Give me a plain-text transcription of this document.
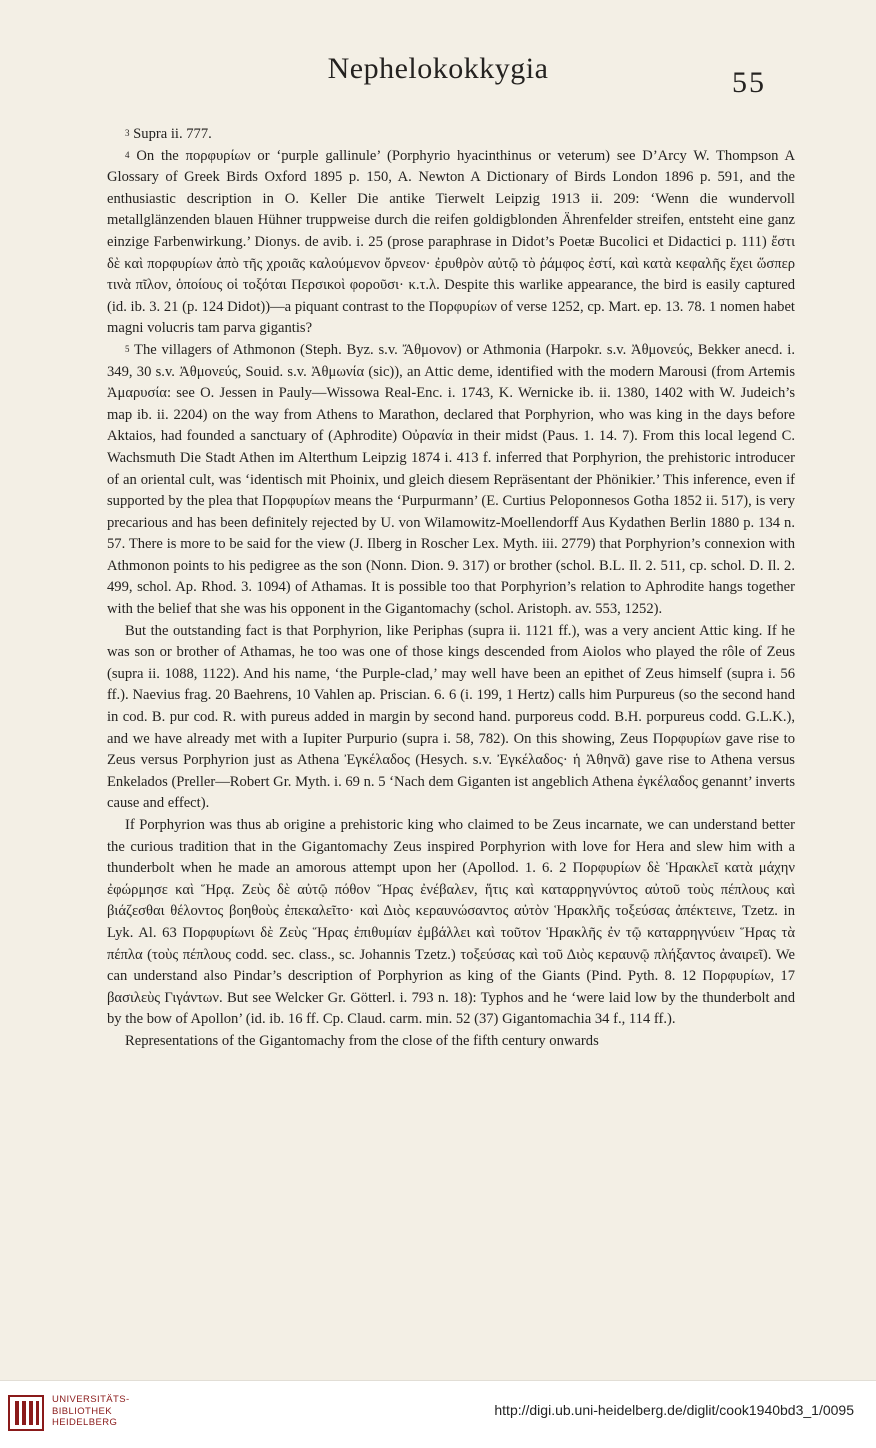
Nephelokokkygia	55

$^3$ Supra ii. 777.

$^4$ On the πορφυρίων or ‘purple gallinule’ (Porphyrio hyacinthinus or veterum) see D’Arcy W. Thompson A Glossary of Greek Birds Oxford 1895 p. 150, A. Newton A Dictionary of Birds London 1896 p. 591, and the enthusiastic description in O. Keller Die antike Tierwelt Leipzig 1913 ii. 209: ‘Wenn die wundervoll metallglänzenden blauen Hühner truppweise durch die reifen goldigblonden Ährenfelder streifen, entsteht eine ganz einzige Farbenwirkung.’ Dionys. de avib. i. 25 (prose paraphrase in Didot’s Poetæ Bucolici et Didactici p. 111) ἔστι δὲ καὶ πορφυρίων ἀπὸ τῆς χροιᾶς καλούμενον ὄρνεον· ἐρυθρὸν αὐτῷ τὸ ῥάμφος ἐστί, καὶ κατὰ κεφαλῆς ἔχει ὥσπερ τινὰ πῖλον, ὁποίους οἱ τοξόται Περσικοὶ φοροῦσι· κ.τ.λ. Despite this warlike appearance, the bird is easily captured (id. ib. 3. 21 (p. 124 Didot))—a piquant contrast to the Πορφυρίων of verse 1252, cp. Mart. ep. 13. 78. 1 nomen habet magni volucris tam parva gigantis?

$^5$ The villagers of Athmonon (Steph. Byz. s.v. Ἄθμονον) or Athmonia (Harpokr. s.v. Ἀθμονεύς, Bekker anecd. i. 349, 30 s.v. Ἀθμονεύς, Souid. s.v. Ἀθμωνία (sic)), an Attic deme, identified with the modern Marousi (from Artemis Ἀμαρυσία: see O. Jessen in Pauly—Wissowa Real-Enc. i. 1743, K. Wernicke ib. ii. 1380, 1402 with W. Judeich’s map ib. ii. 2204) on the way from Athens to Marathon, declared that Porphyrion, who was king in the days before Aktaios, had founded a sanctuary of (Aphrodite) Οὐρανία in their midst (Paus. 1. 14. 7). From this local legend C. Wachsmuth Die Stadt Athen im Alterthum Leipzig 1874 i. 413 f. inferred that Porphyrion, the prehistoric introducer of an oriental cult, was ‘identisch mit Phoinix, und gleich diesem Repräsentant der Phönikier.’ This inference, even if supported by the plea that Πορφυρίων means the ‘Purpurmann’ (E. Curtius Peloponnesos Gotha 1852 ii. 517), is very precarious and has been definitely rejected by U. von Wilamowitz-Moellendorff Aus Kydathen Berlin 1880 p. 134 n. 57. There is more to be said for the view (J. Ilberg in Roscher Lex. Myth. iii. 2779) that Porphyrion’s connexion with Athmonon points to his pedigree as the son (Nonn. Dion. 9. 317) or brother (schol. B.L. Il. 2. 511, cp. schol. D. Il. 2. 499, schol. Ap. Rhod. 3. 1094) of Athamas. It is possible too that Porphyrion’s relation to Aphrodite hangs together with the belief that she was his opponent in the Gigantomachy (schol. Aristoph. av. 553, 1252).

But the outstanding fact is that Porphyrion, like Periphas (supra ii. 1121 ff.), was a very ancient Attic king. If he was son or brother of Athamas, he too was one of those kings descended from Aiolos who played the rôle of Zeus (supra ii. 1088, 1122). And his name, ‘the Purple-clad,’ may well have been an epithet of Zeus himself (supra i. 56 ff.). Naevius frag. 20 Baehrens, 10 Vahlen ap. Priscian. 6. 6 (i. 199, 1 Hertz) calls him Purpureus (so the second hand in cod. B. pur cod. R. with pureus added in margin by second hand. purporeus codd. B.H. porpureus codd. G.L.K.), and we have already met with a Iupiter Purpurio (supra i. 58, 782). On this showing, Zeus Πορφυρίων gave rise to Zeus versus Porphyrion just as Athena Ἐγκέλαδος (Hesych. s.v. Ἐγκέλαδος· ἡ Ἀθηνᾶ) gave rise to Athena versus Enkelados (Preller—Robert Gr. Myth. i. 69 n. 5 ‘Nach dem Giganten ist angeblich Athena ἐγκέλαδος genannt’ inverts cause and effect).

If Porphyrion was thus ab origine a prehistoric king who claimed to be Zeus incarnate, we can understand better the curious tradition that in the Gigantomachy Zeus inspired Porphyrion with love for Hera and slew him with a thunderbolt when he made an amorous attempt upon her (Apollod. 1. 6. 2 Πορφυρίων δὲ Ἡρακλεῖ κατὰ μάχην ἐφώρμησε καὶ Ἥρᾳ. Ζεὺς δὲ αὐτῷ πόθον Ἥρας ἐνέβαλεν, ἥτις καὶ καταρρηγνύντος αὐτοῦ τοὺς πέπλους καὶ βιάζεσθαι θέλοντος βοηθοὺς ἐπεκαλεῖτο· καὶ Διὸς κεραυνώσαντος αὐτὸν Ἡρακλῆς τοξεύσας ἀπέκτεινε, Tzetz. in Lyk. Al. 63 Πορφυρίωνι δὲ Ζεὺς Ἥρας ἐπιθυμίαν ἐμβάλλει καὶ τοῦτον Ἡρακλῆς ἐν τῷ καταρρηγνύειν Ἥρας τὰ πέπλα (τοὺς πέπλους codd. sec. class., sc. Johannis Tzetz.) τοξεύσας καὶ τοῦ Διὸς κεραυνῷ πλήξαντος ἀναιρεῖ). We can understand also Pindar’s description of Porphyrion as king of the Giants (Pind. Pyth. 8. 12 Πορφυρίων, 17 βασιλεὺς Γιγάντων. But see Welcker Gr. Götterl. i. 793 n. 18): Typhos and he ‘were laid low by the thunderbolt and by the bow of Apollon’ (id. ib. 16 ff. Cp. Claud. carm. min. 52 (37) Gigantomachia 34 f., 114 ff.).

Representations of the Gigantomachy from the close of the fifth century onwards

UNIVERSITÄTS-
BIBLIOTHEK
HEIDELBERG
http://digi.ub.uni-heidelberg.de/diglit/cook1940bd3_1/0095
